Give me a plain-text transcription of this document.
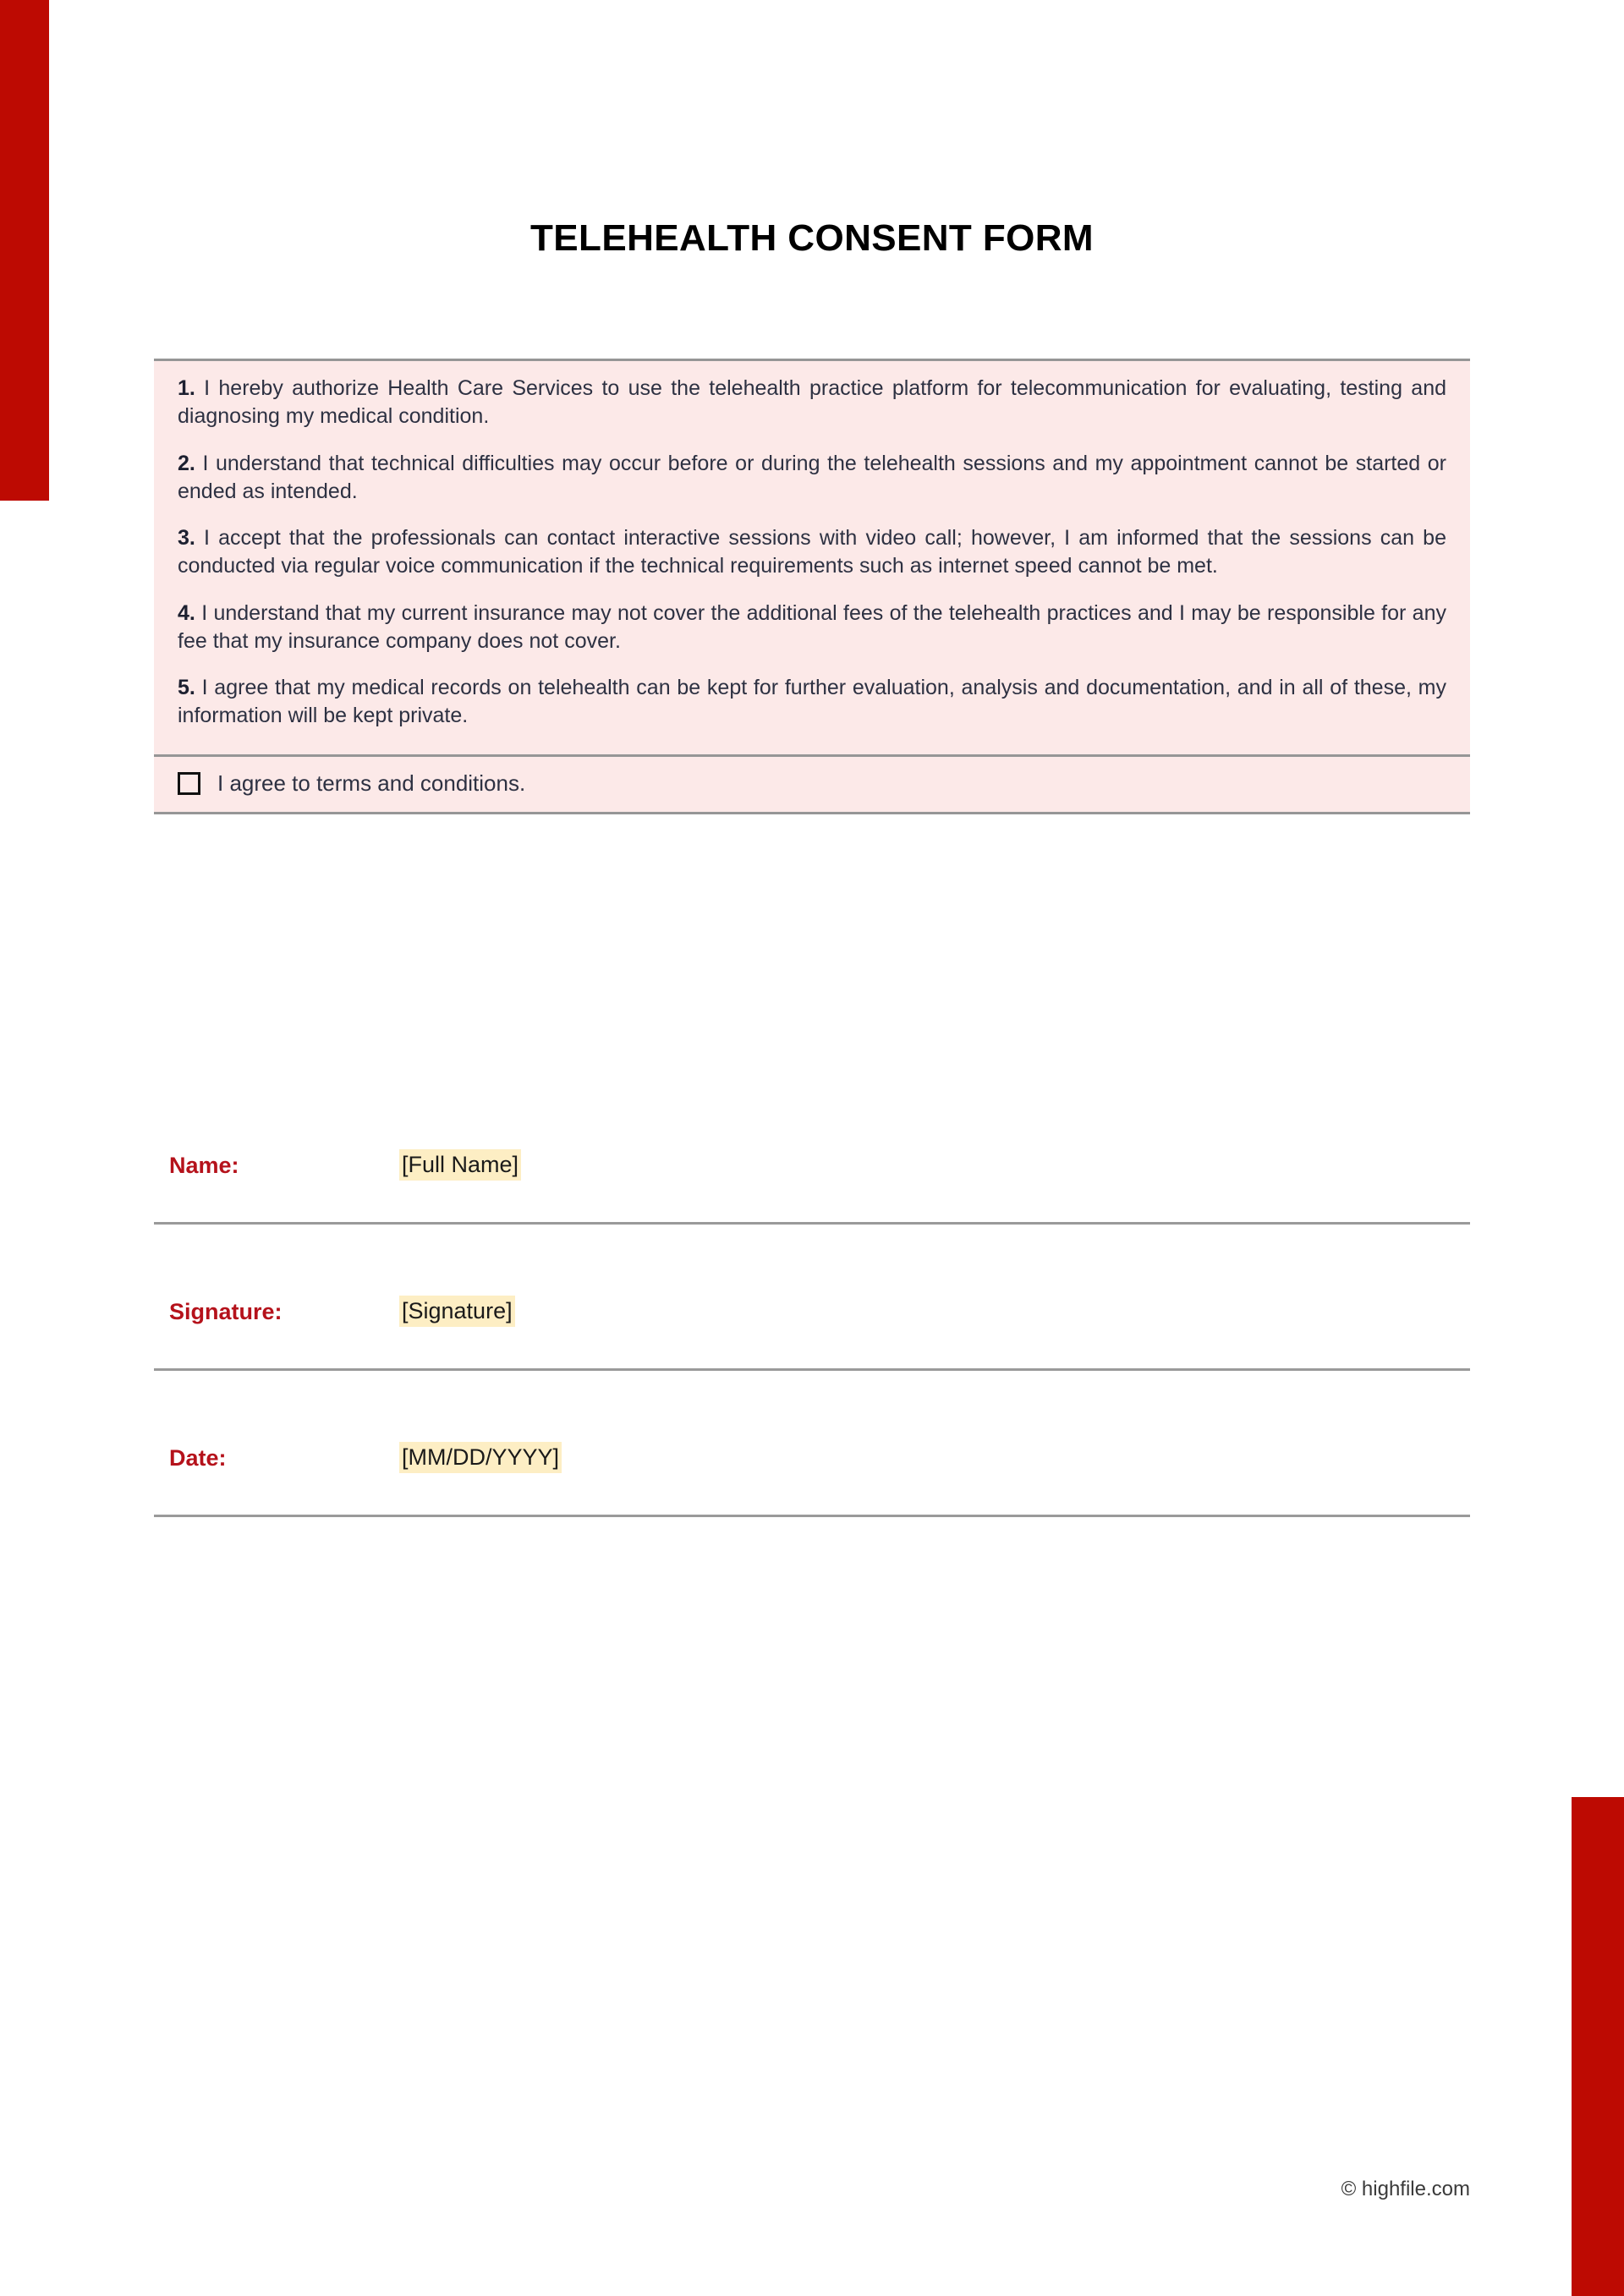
TELEHEALTH CONSENT FORM

1. I hereby authorize Health Care Services to use the telehealth practice platform for telecommunication for evaluating, testing and diagnosing my medical condition.

2. I understand that technical difficulties may occur before or during the telehealth sessions and my appointment cannot be started or ended as intended.

3. I accept that the professionals can contact interactive sessions with video call; however, I am informed that the sessions can be conducted via regular voice communication if the technical requirements such as internet speed cannot be met.

4. I understand that my current insurance may not cover the additional fees of the telehealth practices and I may be responsible for any fee that my insurance company does not cover.

5. I agree that my medical records on telehealth can be kept for further evaluation, analysis and documentation, and in all of these, my information will be kept private.

I agree to terms and conditions.
Name:	[Full Name]
Signature:	[Signature]
Date:	[MM/DD/YYYY]
© highfile.com
